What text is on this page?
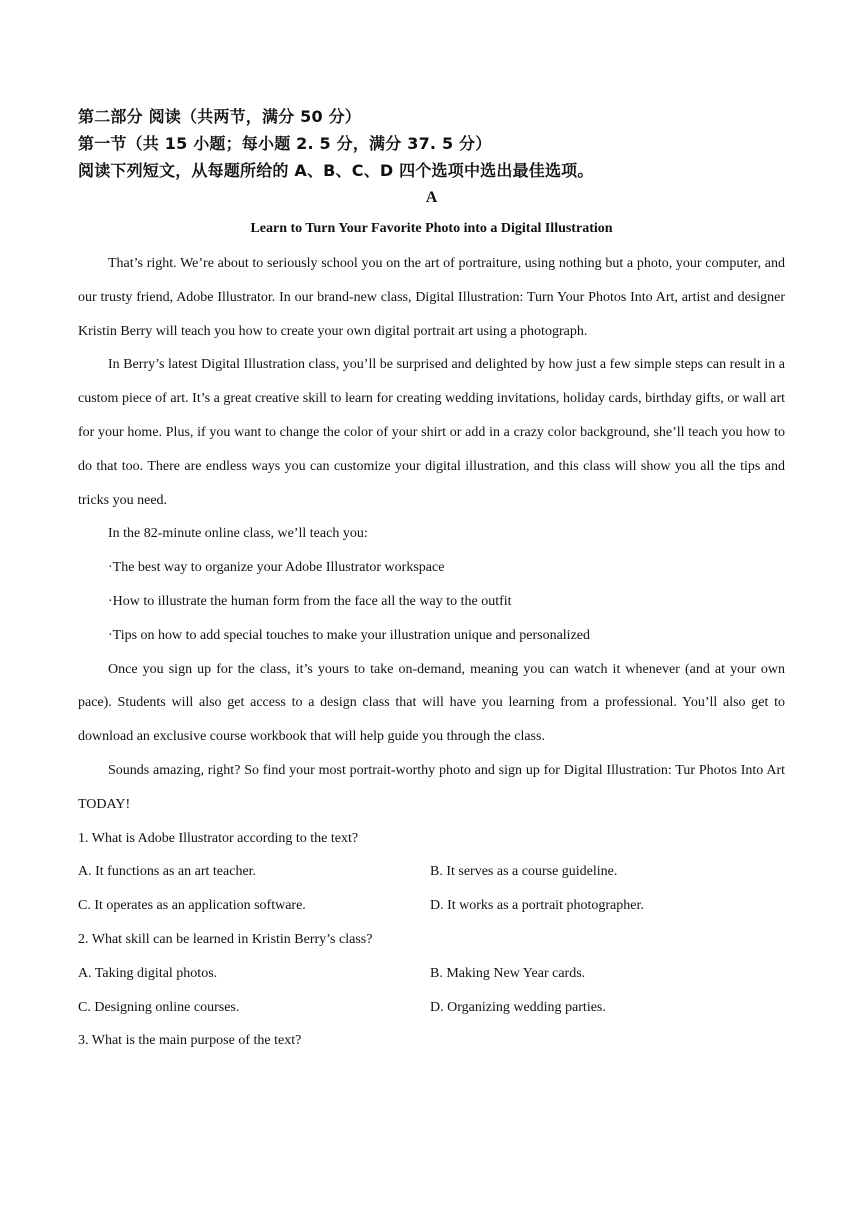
第二部分 阅读（共两节，满分 50 分）
第一节（共 15 小题；每小题 2. 5 分，满分 37. 5 分）
阅读下列短文，从每题所给的 A、B、C、D 四个选项中选出最佳选项。
A
Learn to Turn Your Favorite Photo into a Digital Illustration

That’s right. We’re about to seriously school you on the art of portraiture, using nothing but a photo, your computer, and our trusty friend, Adobe Illustrator. In our brand-new class, Digital Illustration: Turn Your Photos Into Art, artist and designer Kristin Berry will teach you how to create your own digital portrait art using a photograph.

In Berry’s latest Digital Illustration class, you’ll be surprised and delighted by how just a few simple steps can result in a custom piece of art. It’s a great creative skill to learn for creating wedding invitations, holiday cards, birthday gifts, or wall art for your home. Plus, if you want to change the color of your shirt or add in a crazy color background, she’ll teach you how to do that too. There are endless ways you can customize your digital illustration, and this class will show you all the tips and tricks you need.

In the 82-minute online class, we’ll teach you:

·The best way to organize your Adobe Illustrator workspace

·How to illustrate the human form from the face all the way to the outfit

·Tips on how to add special touches to make your illustration unique and personalized

Once you sign up for the class, it’s yours to take on-demand, meaning you can watch it whenever (and at your own pace). Students will also get access to a design class that will have you learning from a professional. You’ll also get to download an exclusive course workbook that will help guide you through the class.

Sounds amazing, right? So find your most portrait-worthy photo and sign up for Digital Illustration: Tur Photos Into Art TODAY!

1. What is Adobe Illustrator according to the text?

A. It functions as an art teacher.	B. It serves as a course guideline.
C. It operates as an application software.	D. It works as a portrait photographer.

2. What skill can be learned in Kristin Berry’s class?

A. Taking digital photos.	B. Making New Year cards.
C. Designing online courses.	D. Organizing wedding parties.

3. What is the main purpose of the text?
